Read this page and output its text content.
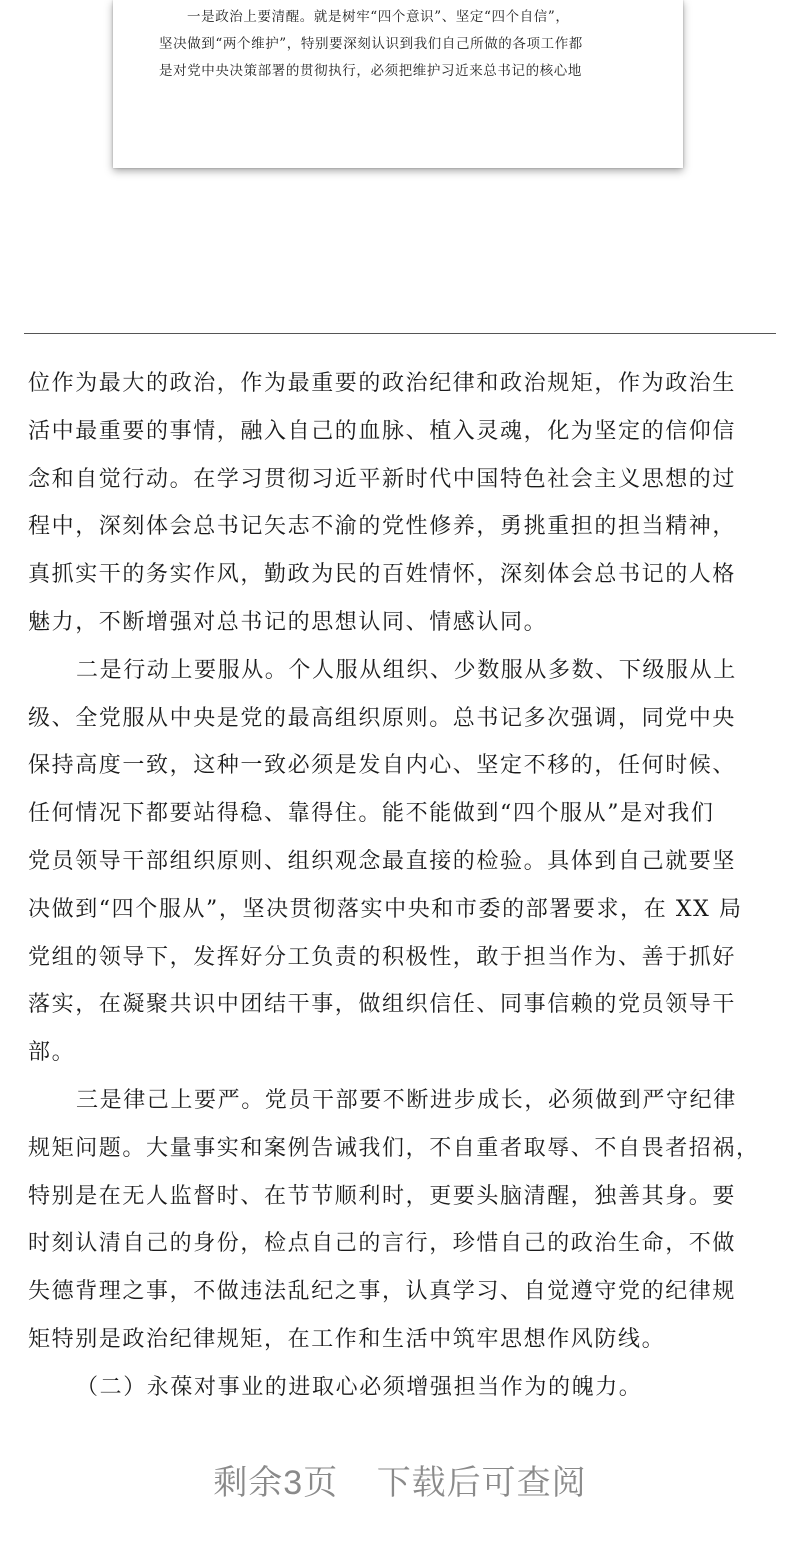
一是政治上要清醒。就是树牢“四个意识”、坚定“四个自信”，

坚决做到“两个维护”，特别要深刻认识到我们自己所做的各项工作都

是对党中央决策部署的贯彻执行，必须把维护习近来总书记的核心地

位作为最大的政治，作为最重要的政治纪律和政治规矩，作为政治生
活中最重要的事情，融入自己的血脉、植入灵魂，化为坚定的信仰信
念和自觉行动。在学习贯彻习近平新时代中国特色社会主义思想的过
程中，深刻体会总书记矢志不渝的党性修养，勇挑重担的担当精神，
真抓实干的务实作风，勤政为民的百姓情怀，深刻体会总书记的人格
魅力，不断增强对总书记的思想认同、情感认同。

二是行动上要服从。个人服从组织、少数服从多数、下级服从上
级、全党服从中央是党的最高组织原则。总书记多次强调，同党中央
保持高度一致，这种一致必须是发自内心、坚定不移的，任何时候、
任何情况下都要站得稳、靠得住。能不能做到“四个服从”是对我们
党员领导干部组织原则、组织观念最直接的检验。具体到自己就要坚
决做到“四个服从”，坚决贯彻落实中央和市委的部署要求，在 XX 局
党组的领导下，发挥好分工负责的积极性，敢于担当作为、善于抓好
落实，在凝聚共识中团结干事，做组织信任、同事信赖的党员领导干
部。

三是律己上要严。党员干部要不断进步成长，必须做到严守纪律
规矩问题。大量事实和案例告诫我们，不自重者取辱、不自畏者招祸，
特别是在无人监督时、在节节顺利时，更要头脑清醒，独善其身。要
时刻认清自己的身份，检点自己的言行，珍惜自己的政治生命，不做
失德背理之事，不做违法乱纪之事，认真学习、自觉遵守党的纪律规
矩特别是政治纪律规矩，在工作和生活中筑牢思想作风防线。

（二）永葆对事业的进取心必须增强担当作为的魄力。

剩余3页 下载后可查阅
